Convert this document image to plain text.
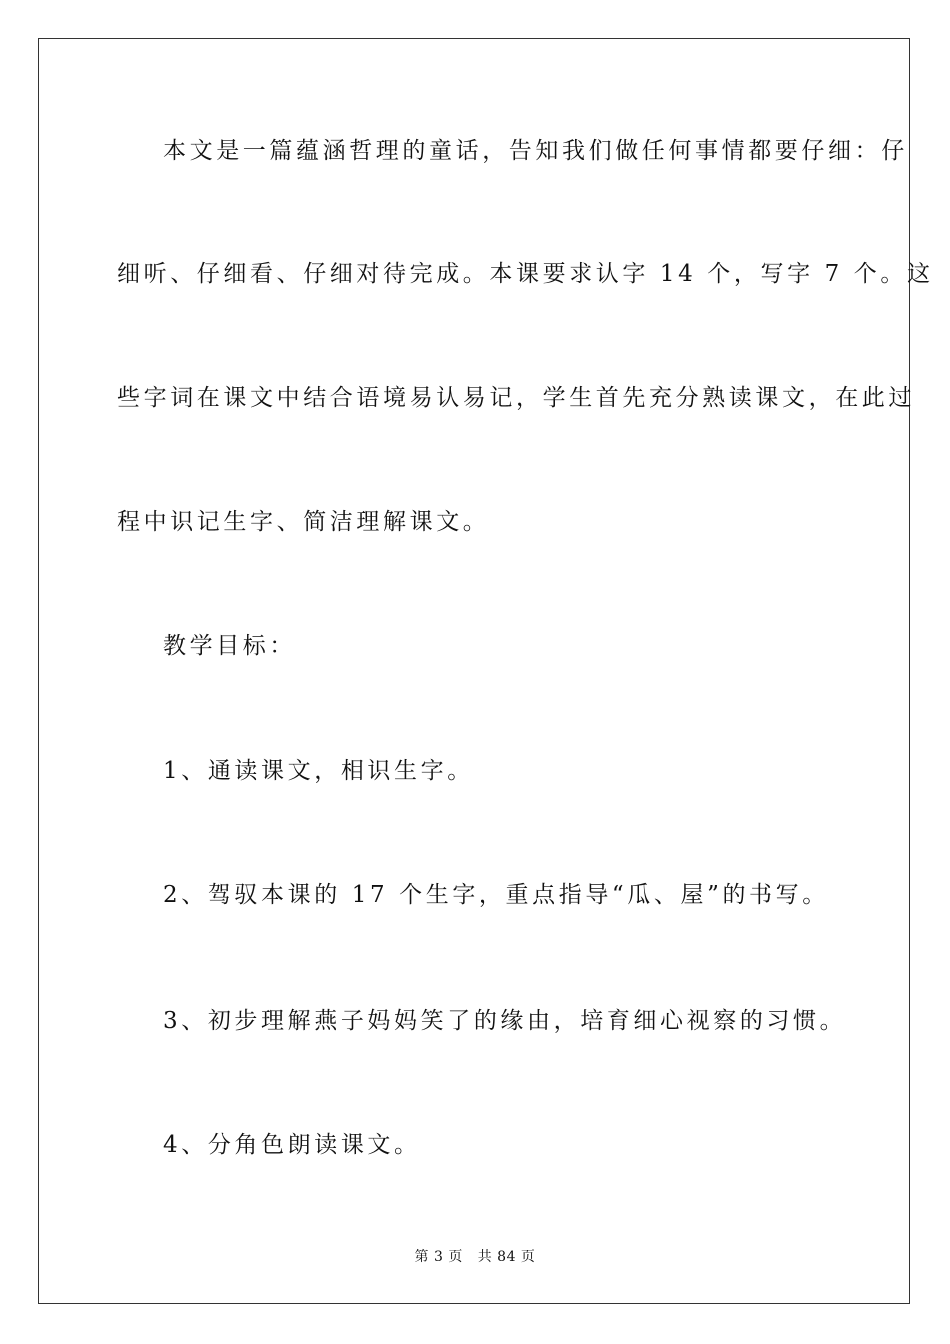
本文是一篇蕴涵哲理的童话，告知我们做任何事情都要仔细：仔
细听、仔细看、仔细对待完成。本课要求认字 14 个，写字 7 个。这
些字词在课文中结合语境易认易记，学生首先充分熟读课文，在此过
程中识记生字、简洁理解课文。
教学目标：
1、通读课文，相识生字。
2、驾驭本课的 17 个生字，重点指导“瓜、屋”的书写。
3、初步理解燕子妈妈笑了的缘由，培育细心视察的习惯。
4、分角色朗读课文。
第 3 页 共 84 页
